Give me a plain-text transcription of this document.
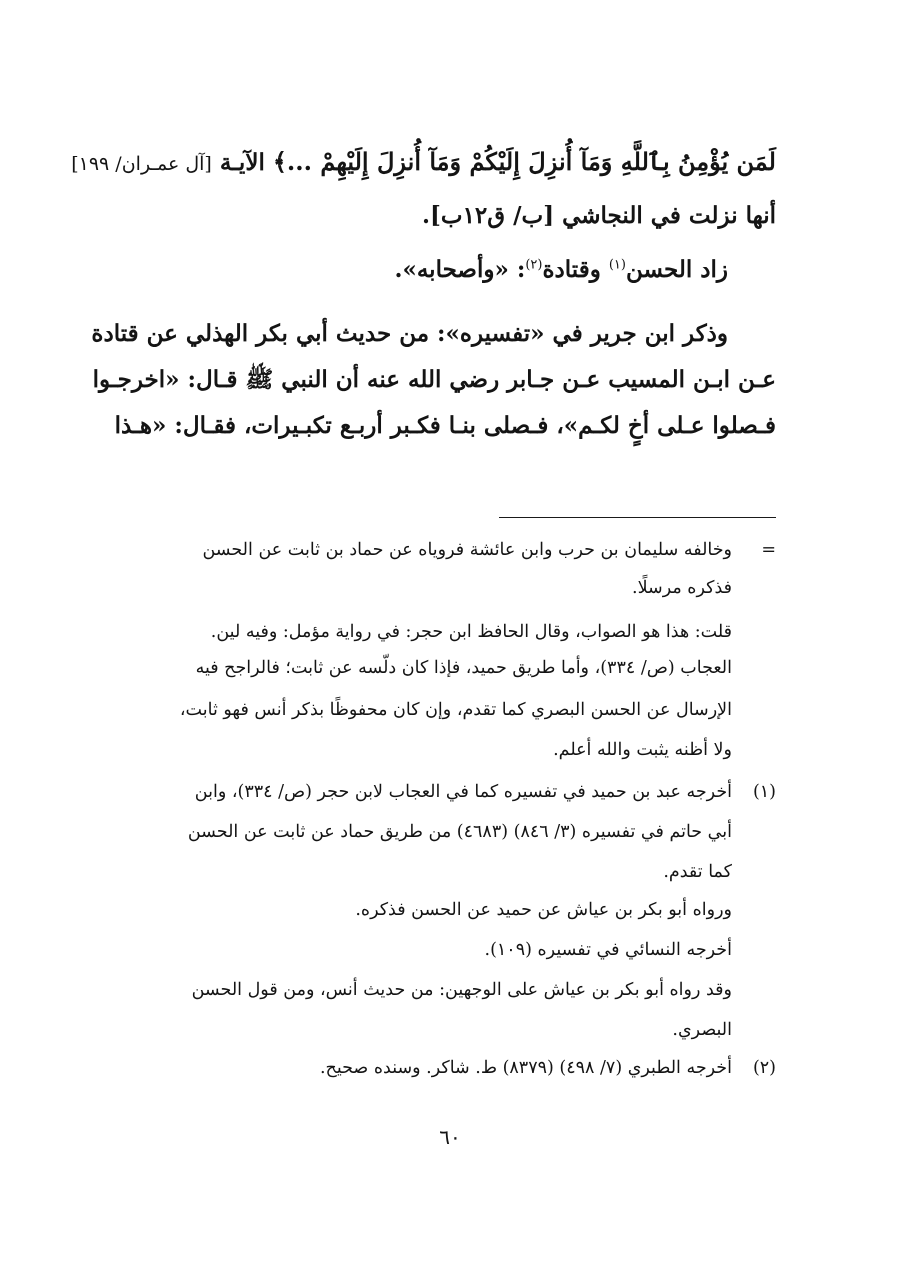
لَمَن يُؤْمِنُ بِٱللَّهِ وَمَآ أُنزِلَ إِلَيْكُمْ وَمَآ أُنزِلَ إِلَيْهِمْ ...﴾ الآيـة [آل عمـران/ ١٩٩]
أنها نزلت في النجاشي [ب/ ق١٢ب].
زاد الحسن$^{(١)}$ وقتادة$^{(٢)}$: «وأصحابه».
وذكر ابن جرير في «تفسيره»: من حديث أبي بكر الهذلي عن قتادة
عـن ابـن المسيب عـن جـابر رضي الله عنه أن النبي ﷺ قـال: «اخرجـوا
فـصلوا عـلى أخٍ لكـم»، فـصلى بنـا فكـبر أربـع تكبـيرات، فقـال: «هـذا
=وخالفه سليمان بن حرب وابن عائشة فروياه عن حماد بن ثابت عن الحسن
فذكره مرسلًا.
قلت: هذا هو الصواب، وقال الحافظ ابن حجر: في رواية مؤمل: وفيه لين.
العجاب (ص/ ٣٣٤)، وأما طريق حميد، فإذا كان دلّسه عن ثابت؛ فالراجح فيه
الإرسال عن الحسن البصري كما تقدم، وإن كان محفوظًا بذكر أنس فهو ثابت،
ولا أظنه يثبت والله أعلم.
(١)أخرجه عبد بن حميد في تفسيره كما في العجاب لابن حجر (ص/ ٣٣٤)، وابن
أبي حاتم في تفسيره (٣/ ٨٤٦) (٤٦٨٣) من طريق حماد عن ثابت عن الحسن
كما تقدم.
ورواه أبو بكر بن عياش عن حميد عن الحسن فذكره.
أخرجه النسائي في تفسيره (١٠٩).
وقد رواه أبو بكر بن عياش على الوجهين: من حديث أنس، ومن قول الحسن
البصري.
(٢)أخرجه الطبري (٧/ ٤٩٨) (٨٣٧٩) ط. شاكر. وسنده صحيح.
٦٠
